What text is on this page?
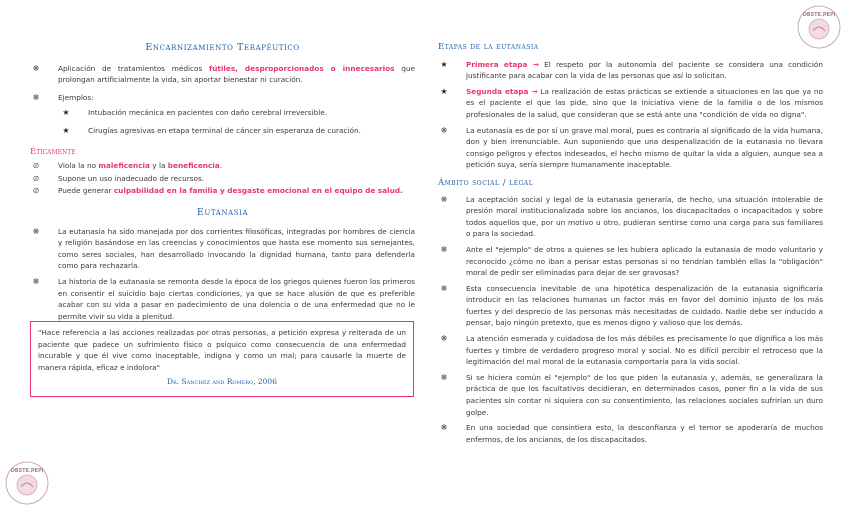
Encarnizamiento Terapéutico
❋	Aplicación de tratamientos médicos fútiles, desproporcionados o innecesarios que prolongan artificialmente la vida, sin aportar bienestar ni curación.
❋	Ejemplos:
★	Intubación mecánica en pacientes con daño cerebral irreversible.
★	Cirugías agresivas en etapa terminal de cáncer sin esperanza de curación.
Éticamente
⊘	Viola la no maleficencia y la beneficencia.
⊘	Supone un uso inadecuado de recursos.
⊘	Puede generar culpabilidad en la familia y desgaste emocional en el equipo de salud.
Eutanasia
❋	La eutanasia ha sido manejada por dos corrientes filosóficas, integradas por hombres de ciencia y religión basándose en las creencias y conocimientos que hasta ese momento sus semejantes, como seres sociales, han desarrollado invocando la dignidad humana, tanto para defenderla como para rechazarla.
❋	La historia de la eutanasia se remonta desde la época de los griegos quienes fueron los primeros en consentir el suicidio bajo ciertas condiciones, ya que se hace alusión de que es preferible acabar con su vida a pasar en padecimiento de una dolencia o de una enfermedad que no le permite vivir su vida a plenitud.
"Hace referencia a las acciones realizadas por otras personas, a petición expresa y reiterada de un paciente que padece un sufrimiento físico o psíquico como consecuencia de una enfermedad incurable y que él vive como inaceptable, indigna y como un mal; para causarle la muerte de manera rápida, eficaz e indolora"
Dr. Sánchez and Romero, 2006
Etapas de la eutanasia
★	Primera etapa → El respeto por la autonomía del paciente se considera una condición justificante para acabar con la vida de las personas que así lo solicitan.
★	Segunda etapa → La realización de estas prácticas se extiende a situaciones en las que ya no es el paciente el que las pide, sino que la iniciativa viene de la familia o de los mismos profesionales de la salud, que consideran que se está ante una "condición de vida no digna".
❋	La eutanasia es de por sí un grave mal moral, pues es contraria al significado de la vida humana, don y bien irrenunciable. Aun suponiendo que una despenalización de la eutanasia no llevara consigo peligros y efectos indeseados, el hecho mismo de quitar la vida a alguien, aunque sea a petición suya, sería siempre humanamente inaceptable.
Ámbito social / legal
❋	La aceptación social y legal de la eutanasia generaría, de hecho, una situación intolerable de presión moral institucionalizada sobre los ancianos, los discapacitados o incapacitados y sobre todos aquellos que, por un motivo u otro, pudieran sentirse como una carga para sus familiares o para la sociedad.
❋	Ante el "ejemplo" de otros a quienes se les hubiera aplicado la eutanasia de modo voluntario y reconocido ¿cómo no iban a pensar estas personas si no tendrían también ellas la "obligación" moral de pedir ser eliminadas para dejar de ser gravosas?
❋	Esta consecuencia inevitable de una hipotética despenalización de la eutanasia significaría introducir en las relaciones humanas un factor más en favor del dominio injusto de los más fuertes y del desprecio de las personas más necesitadas de cuidado. Nadie debe ser inducido a pensar, bajo ningún pretexto, que es menos digno y valioso que los demás.
❋	La atención esmerada y cuidadosa de los más débiles es precisamente lo que dignifica a los más fuertes y timbre de verdadero progreso moral y social. No es difícil percibir el retroceso que la legitimación del mal moral de la eutanasia comportaría para la vida social.
❋	Si se hiciera común el "ejemplo" de los que piden la eutanasia y, además, se generalizara la práctica de que los facultativos decidieran, en determinados casos, poner fin a la vida de sus pacientes sin contar ni siquiera con su consentimiento, las relaciones sociales sufrirían un duro golpe.
❋	En una sociedad que consintiera esto, la desconfianza y el temor se apoderaría de muchos enfermos, de los ancianos, de los discapacitados.
OBSTE.PEPI
OBSTE.PEPI
